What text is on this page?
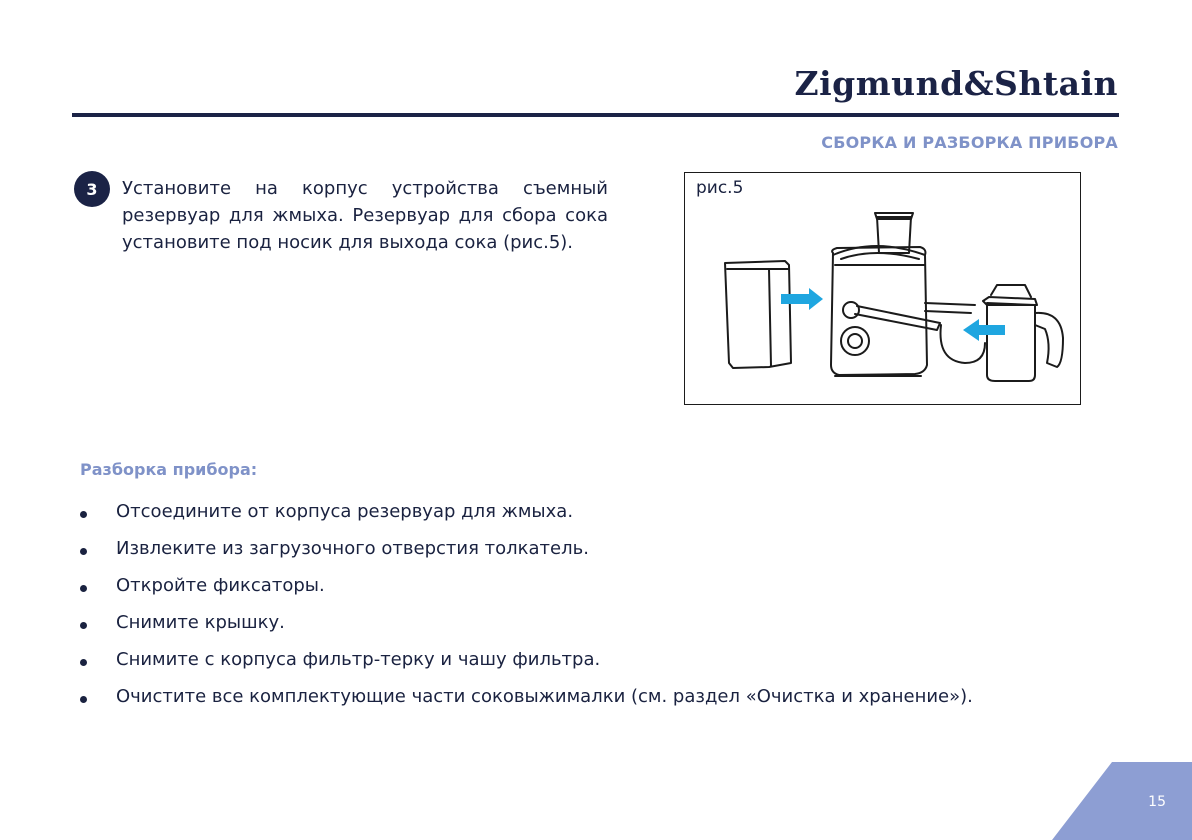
Zigmund&Shtain
СБОРКА И РАЗБОРКА ПРИБОРА
3	Установите на корпус устройства съемный резервуар для жмыха. Резервуар для сбора сока установите под носик для выхода сока (рис.5).
рис.5
Разборка прибора:
Отсоедините от корпуса резервуар для жмыха.
Извлеките из загрузочного отверстия толкатель.
Откройте фиксаторы.
Снимите крышку.
Снимите с корпуса фильтр-терку и чашу фильтра.
Очистите все комплектующие части соковыжималки (см. раздел «Очистка и хранение»).
15
